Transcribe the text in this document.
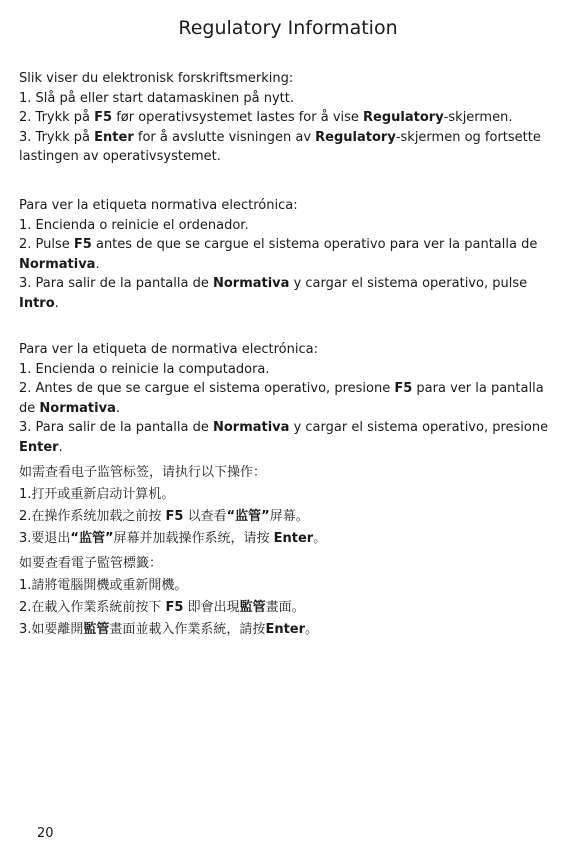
Regulatory Information

Slik viser du elektronisk forskriftsmerking:

1. Slå på eller start datamaskinen på nytt.

2. Trykk på F5 før operativsystemet lastes for å vise Regulatory-skjermen.

3. Trykk på Enter for å avslutte visningen av Regulatory-skjermen og fortsette lastingen av operativsystemet.

Para ver la etiqueta normativa electrónica:

1. Encienda o reinicie el ordenador.

2. Pulse F5 antes de que se cargue el sistema operativo para ver la pantalla de Normativa.

3. Para salir de la pantalla de Normativa y cargar el sistema operativo, pulse Intro.

Para ver la etiqueta de normativa electrónica:

1. Encienda o reinicie la computadora.

2. Antes de que se cargue el sistema operativo, presione F5 para ver la pantalla de Normativa.

3. Para salir de la pantalla de Normativa y cargar el sistema operativo, presione Enter.

如需查看电子监管标签，请执行以下操作：

1.打开或重新启动计算机。

2.在操作系统加载之前按 F5 以查看“监管”屏幕。

3.要退出“监管”屏幕并加载操作系统，请按 Enter。

如要查看電子監管標籤：

1.請將電腦開機或重新開機。

2.在載入作業系統前按下 F5 即會出現監管畫面。

3.如要離開監管畫面並載入作業系統，請按Enter。

20
